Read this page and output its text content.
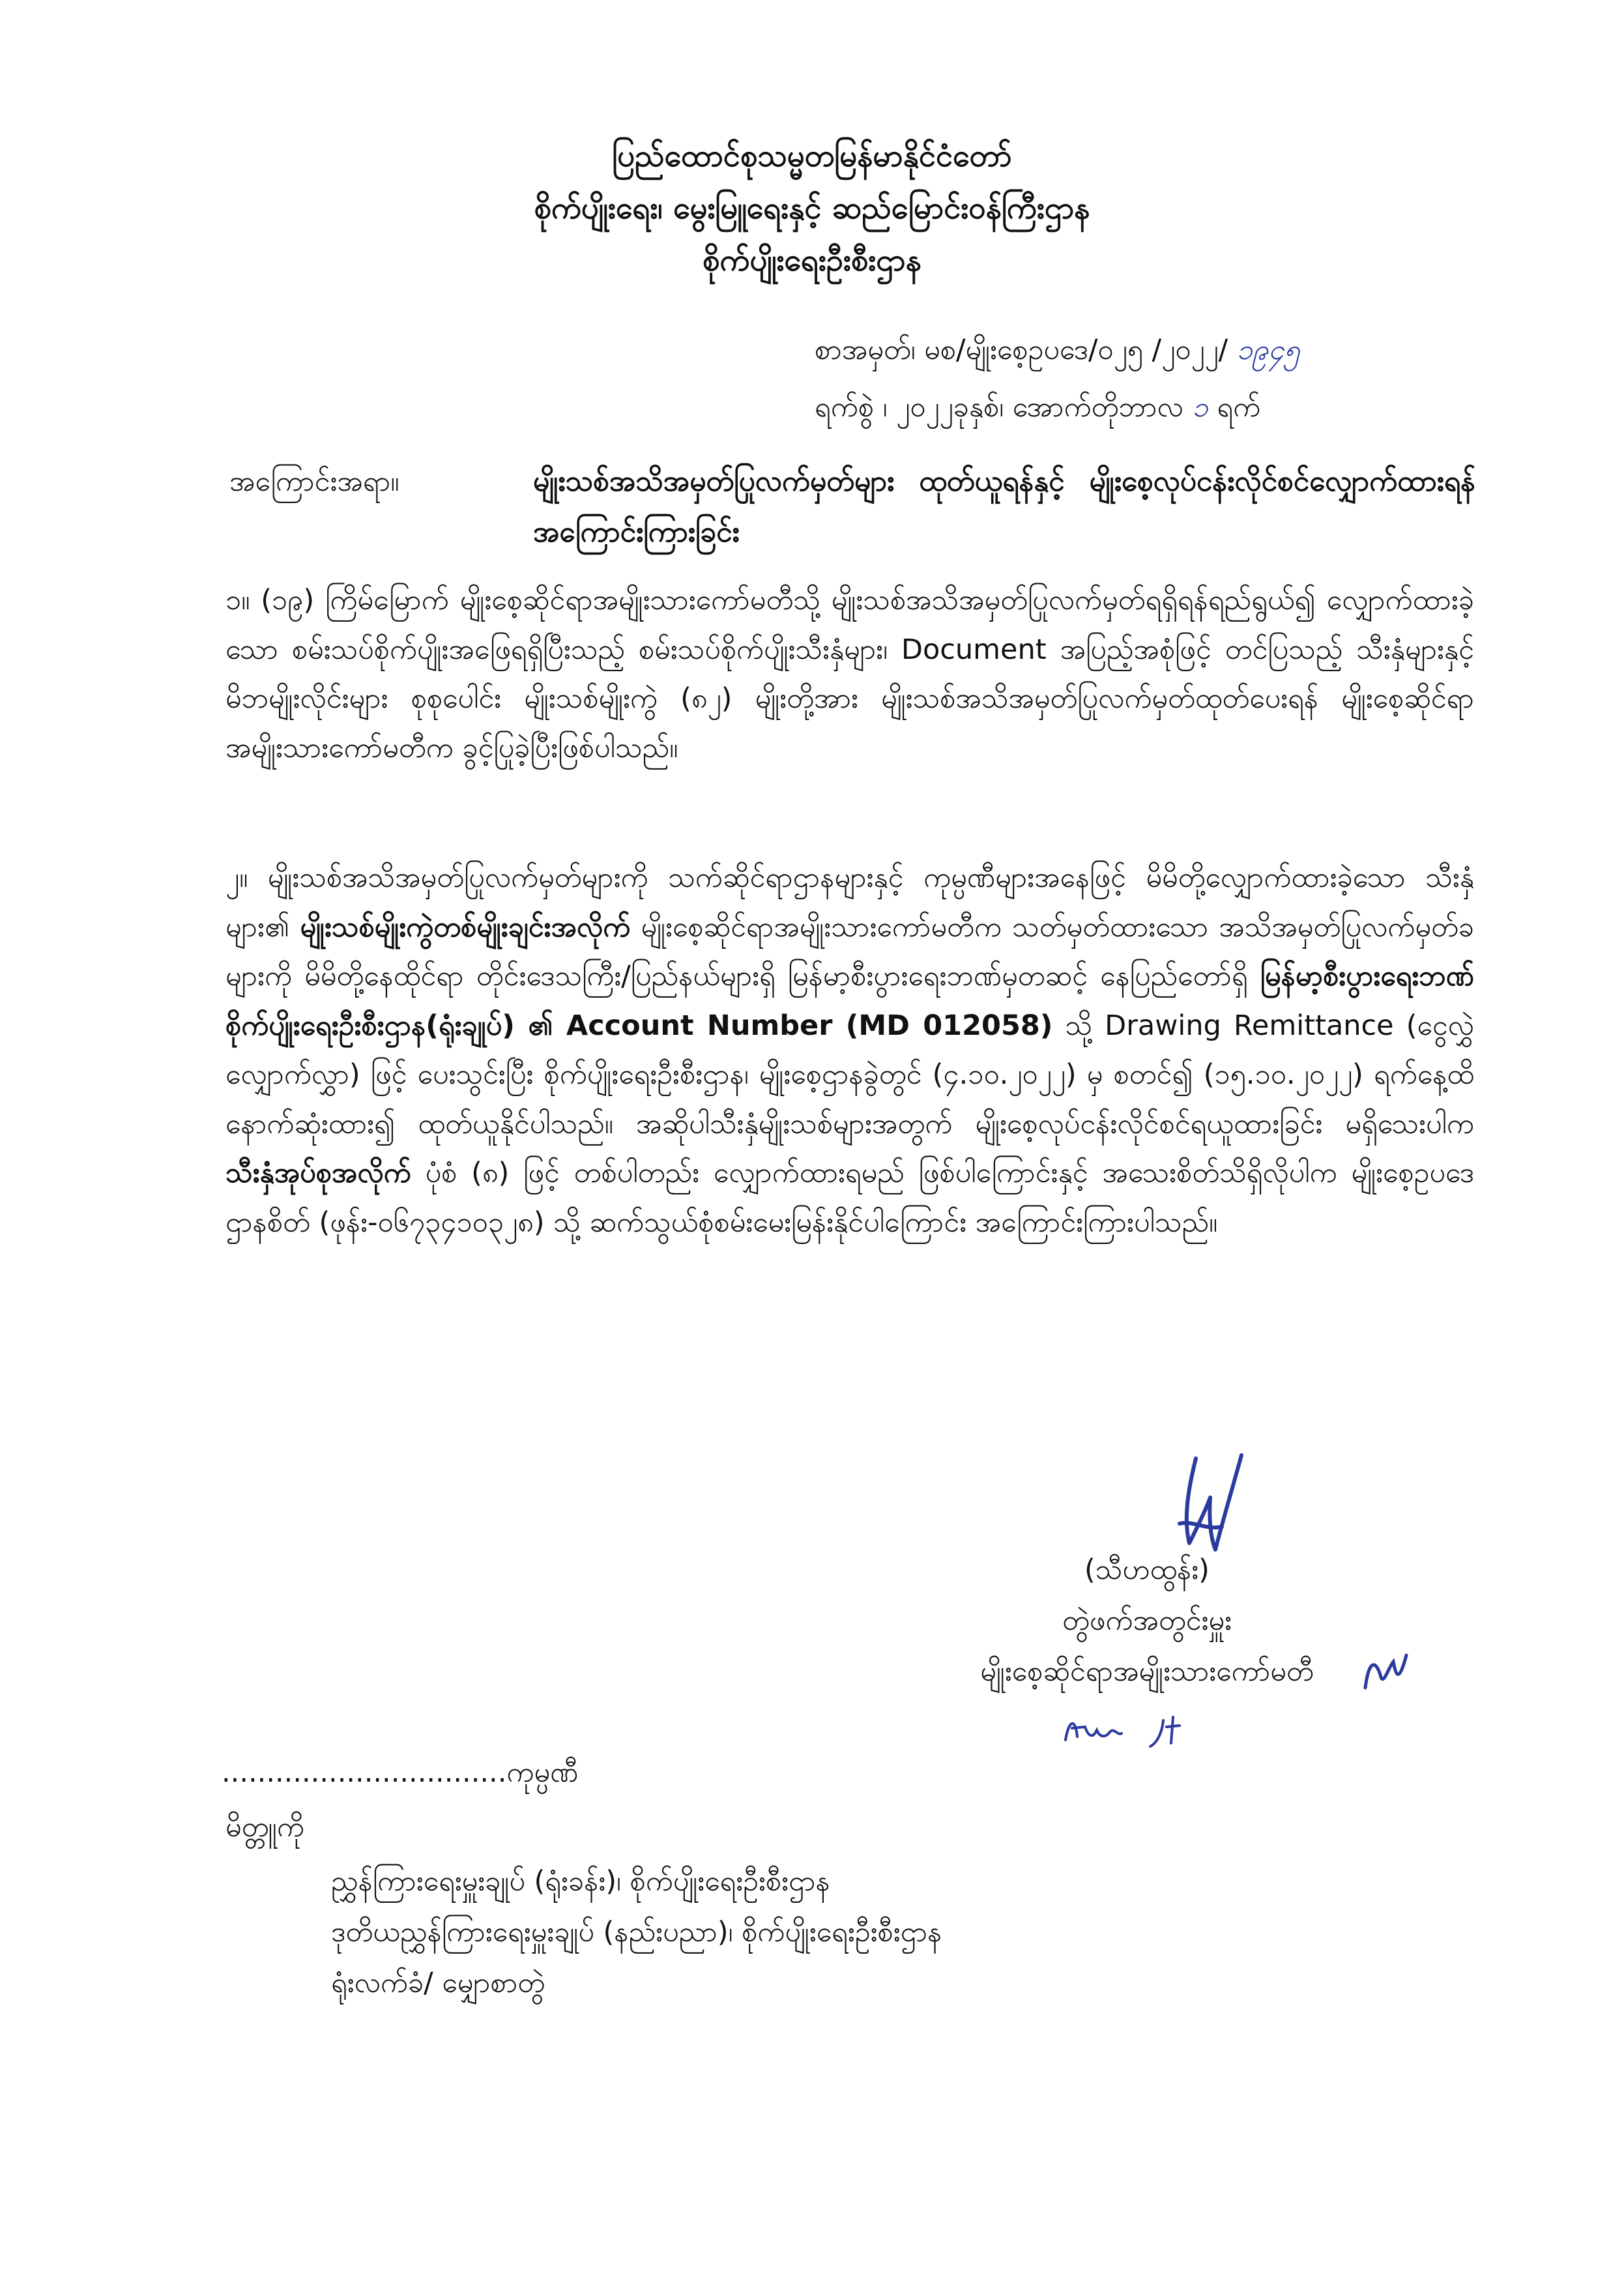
ပြည်ထောင်စုသမ္မတမြန်မာနိုင်ငံတော်
စိုက်ပျိုးရေး၊ မွေးမြူရေးနှင့် ဆည်မြောင်းဝန်ကြီးဌာန
စိုက်ပျိုးရေးဦးစီးဌာန
စာအမှတ်၊ မစ/မျိုးစေ့ဥပဒေ/၀၂၅ /၂၀၂၂/ ၁၉၄၅
ရက်စွဲ ၊ ၂၀၂၂ခုနှစ်၊ အောက်တိုဘာလ ၁ ရက်
အကြောင်းအရာ။	မျိုးသစ်အသိအမှတ်ပြုလက်မှတ်များ ထုတ်ယူရန်နှင့် မျိုးစေ့လုပ်ငန်းလိုင်စင်လျှောက်ထားရန် အကြောင်းကြားခြင်း
၁။ (၁၉) ကြိမ်မြောက် မျိုးစေ့ဆိုင်ရာအမျိုးသားကော်မတီသို့ မျိုးသစ်အသိအမှတ်ပြုလက်မှတ်ရရှိရန်ရည်ရွယ်၍ လျှောက်ထားခဲ့သော စမ်းသပ်စိုက်ပျိုးအဖြေရရှိပြီးသည့် စမ်းသပ်စိုက်ပျိုးသီးနှံများ၊ Document အပြည့်အစုံဖြင့် တင်ပြသည့် သီးနှံများနှင့် မိဘမျိုးလိုင်းများ စုစုပေါင်း မျိုးသစ်မျိုးကွဲ (၈၂) မျိုးတို့အား မျိုးသစ်အသိအမှတ်ပြုလက်မှတ်ထုတ်ပေးရန် မျိုးစေ့ဆိုင်ရာအမျိုးသားကော်မတီက ခွင့်ပြုခဲ့ပြီးဖြစ်ပါသည်။
၂။ မျိုးသစ်အသိအမှတ်ပြုလက်မှတ်များကို သက်ဆိုင်ရာဌာနများနှင့် ကုမ္ပဏီများအနေဖြင့် မိမိတို့လျှောက်ထားခဲ့သော သီးနှံများ၏ မျိုးသစ်မျိုးကွဲတစ်မျိုးချင်းအလိုက် မျိုးစေ့ဆိုင်ရာအမျိုးသားကော်မတီက သတ်မှတ်ထားသော အသိအမှတ်ပြုလက်မှတ်ခများကို မိမိတို့နေထိုင်ရာ တိုင်းဒေသကြီး/ပြည်နယ်များရှိ မြန်မာ့စီးပွားရေးဘဏ်မှတဆင့် နေပြည်တော်ရှိ မြန်မာ့စီးပွားရေးဘဏ် စိုက်ပျိုးရေးဦးစီးဌာန(ရုံးချုပ်) ၏ Account Number (MD 012058) သို့ Drawing Remittance (ငွေလွှဲလျှောက်လွှာ) ဖြင့် ပေးသွင်းပြီး စိုက်ပျိုးရေးဦးစီးဌာန၊ မျိုးစေ့ဌာနခွဲတွင် (၄.၁၀.၂၀၂၂) မှ စတင်၍ (၁၅.၁၀.၂၀၂၂) ရက်နေ့ထိ နောက်ဆုံးထား၍ ထုတ်ယူနိုင်ပါသည်။ အဆိုပါသီးနှံမျိုးသစ်များအတွက် မျိုးစေ့လုပ်ငန်းလိုင်စင်ရယူထားခြင်း မရှိသေးပါက သီးနှံအုပ်စုအလိုက် ပုံစံ (၈) ဖြင့် တစ်ပါတည်း လျှောက်ထားရမည် ဖြစ်ပါကြောင်းနှင့် အသေးစိတ်သိရှိလိုပါက မျိုးစေ့ဥပဒေဌာနစိတ် (ဖုန်း-၀၆၇၃၄၁၀၃၂၈) သို့ ဆက်သွယ်စုံစမ်းမေးမြန်းနိုင်ပါကြောင်း အကြောင်းကြားပါသည်။
(သီဟထွန်း)
တွဲဖက်အတွင်းမှူး
မျိုးစေ့ဆိုင်ရာအမျိုးသားကော်မတီ
................................ကုမ္ပဏီ
မိတ္တူကို
ညွှန်ကြားရေးမှူးချုပ် (ရုံးခန်း)၊ စိုက်ပျိုးရေးဦးစီးဌာန
ဒုတိယညွှန်ကြားရေးမှူးချုပ် (နည်းပညာ)၊ စိုက်ပျိုးရေးဦးစီးဌာန
ရုံးလက်ခံ/ မျှောစာတွဲ
